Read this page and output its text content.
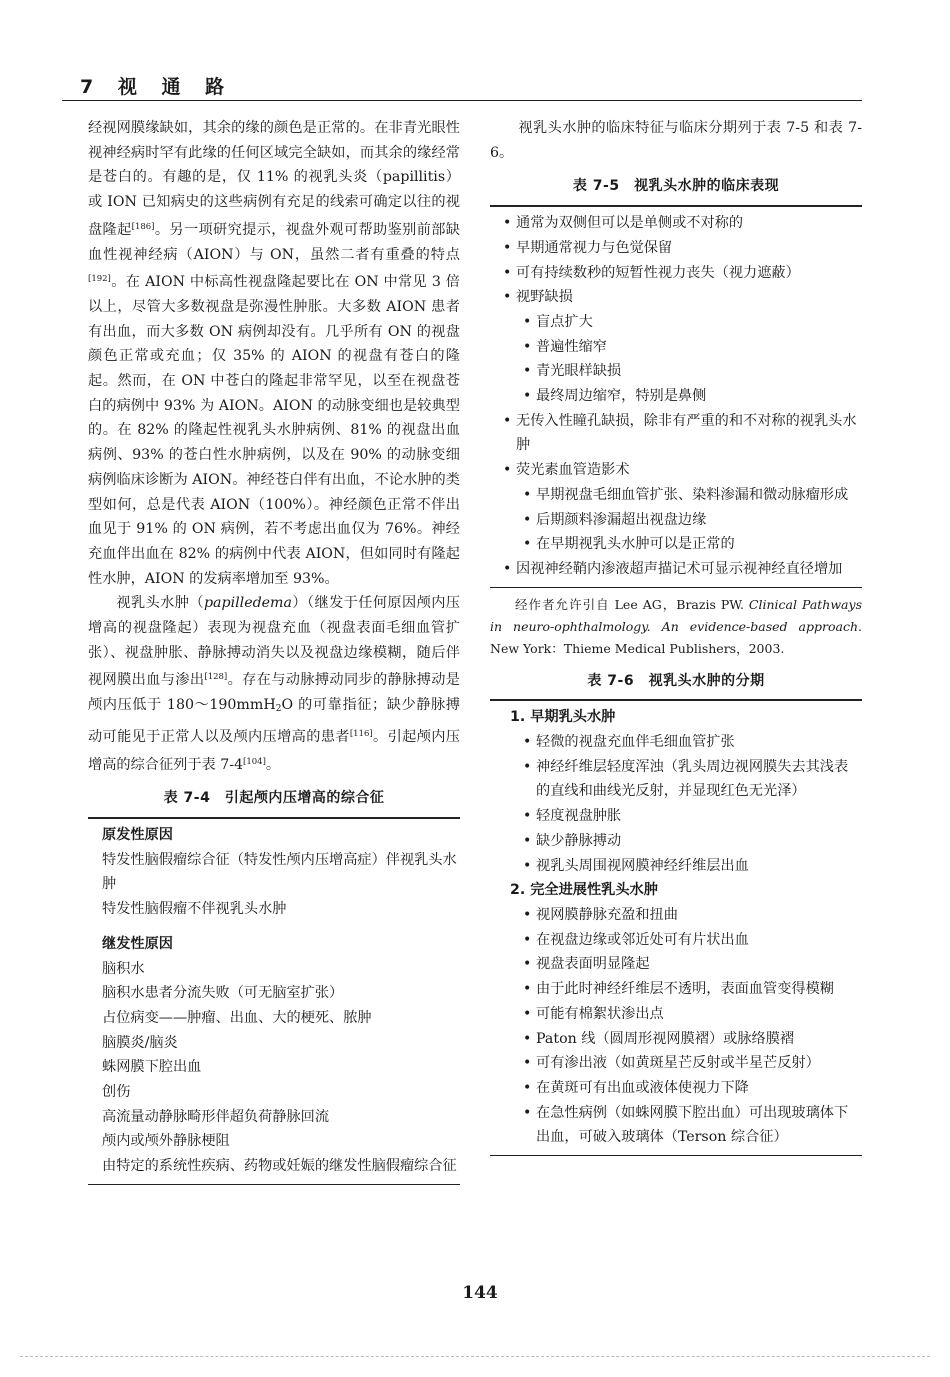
7 视 通 路

经视网膜缘缺如，其余的缘的颜色是正常的。在非青光眼性视神经病时罕有此缘的任何区域完全缺如，而其余的缘经常是苍白的。有趣的是，仅 11% 的视乳头炎（papillitis）或 ION 已知病史的这些病例有充足的线索可确定以往的视盘隆起[186]。另一项研究提示，视盘外观可帮助鉴别前部缺血性视神经病（AION）与 ON，虽然二者有重叠的特点[192]。在 AION 中标高性视盘隆起要比在 ON 中常见 3 倍以上，尽管大多数视盘是弥漫性肿胀。大多数 AION 患者有出血，而大多数 ON 病例却没有。几乎所有 ON 的视盘颜色正常或充血；仅 35% 的 AION 的视盘有苍白的隆起。然而，在 ON 中苍白的隆起非常罕见，以至在视盘苍白的病例中 93% 为 AION。AION 的动脉变细也是较典型的。在 82% 的隆起性视乳头水肿病例、81% 的视盘出血病例、93% 的苍白性水肿病例，以及在 90% 的动脉变细病例临床诊断为 AION。神经苍白伴有出血，不论水肿的类型如何，总是代表 AION（100%）。神经颜色正常不伴出血见于 91% 的 ON 病例，若不考虑出血仅为 76%。神经充血伴出血在 82% 的病例中代表 AION，但如同时有隆起性水肿，AION 的发病率增加至 93%。

视乳头水肿（papilledema）（继发于任何原因颅内压增高的视盘隆起）表现为视盘充血（视盘表面毛细血管扩张）、视盘肿胀、静脉搏动消失以及视盘边缘模糊，随后伴视网膜出血与渗出[128]。存在与动脉搏动同步的静脉搏动是颅内压低于 180～190mmH$_2$O 的可靠指征；缺少静脉搏动可能见于正常人以及颅内压增高的患者[116]。引起颅内压增高的综合征列于表 7-4[104]。

表 7-4　引起颅内压增高的综合征
原发性原因
特发性脑假瘤综合征（特发性颅内压增高症）伴视乳头水肿
特发性脑假瘤不伴视乳头水肿
继发性原因
脑积水
脑积水患者分流失败（可无脑室扩张）
占位病变——肿瘤、出血、大的梗死、脓肿
脑膜炎/脑炎
蛛网膜下腔出血
创伤
高流量动静脉畸形伴超负荷静脉回流
颅内或颅外静脉梗阻
由特定的系统性疾病、药物或妊娠的继发性脑假瘤综合征

视乳头水肿的临床特征与临床分期列于表 7-5 和表 7-6。

表 7-5　视乳头水肿的临床表现
• 通常为双侧但可以是单侧或不对称的
• 早期通常视力与色觉保留
• 可有持续数秒的短暂性视力丧失（视力遮蔽）
• 视野缺损
• 盲点扩大
• 普遍性缩窄
• 青光眼样缺损
• 最终周边缩窄，特别是鼻侧
• 无传入性瞳孔缺损，除非有严重的和不对称的视乳头水肿
• 荧光素血管造影术
• 早期视盘毛细血管扩张、染料渗漏和微动脉瘤形成
• 后期颜料渗漏超出视盘边缘
• 在早期视乳头水肿可以是正常的
• 因视神经鞘内渗液超声描记术可显示视神经直径增加

经作者允许引自 Lee AG，Brazis PW. Clinical Pathways in neuro-ophthalmology. An evidence-based approach. New York：Thieme Medical Publishers，2003.

表 7-6　视乳头水肿的分期
1. 早期乳头水肿
• 轻微的视盘充血伴毛细血管扩张
• 神经纤维层轻度浑浊（乳头周边视网膜失去其浅表的直线和曲线光反射，并显现红色无光泽）
• 轻度视盘肿胀
• 缺少静脉搏动
• 视乳头周围视网膜神经纤维层出血
2. 完全进展性乳头水肿
• 视网膜静脉充盈和扭曲
• 在视盘边缘或邻近处可有片状出血
• 视盘表面明显隆起
• 由于此时神经纤维层不透明，表面血管变得模糊
• 可能有棉絮状渗出点
• Paton 线（圆周形视网膜褶）或脉络膜褶
• 可有渗出液（如黄斑星芒反射或半星芒反射）
• 在黄斑可有出血或液体使视力下降
• 在急性病例（如蛛网膜下腔出血）可出现玻璃体下出血，可破入玻璃体（Terson 综合征）
144
